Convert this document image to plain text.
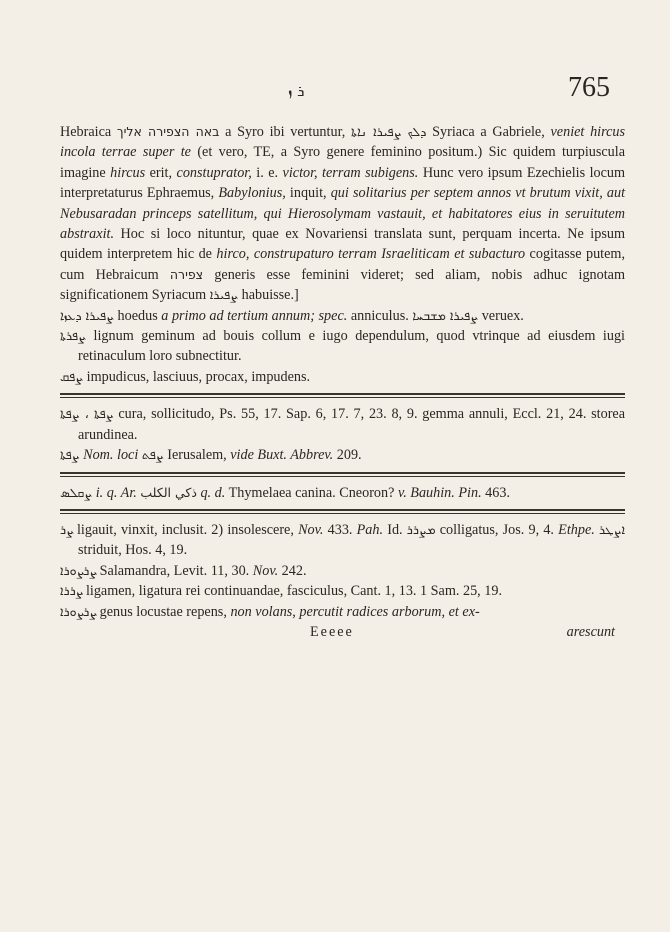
ܪ ܙ	765

Hebraica באה הצפירה אליך a Syro ibi vertuntur, ܕܠܟ ܨܦܝܪܐ ܢܐܬܐ Syriaca a Gabriele, veniet hircus incola terrae super te (et vero, TE, a Syro genere feminino positum.) Sic quidem turpiuscula imagine hircus erit, constuprator, i. e. victor, terram subigens. Hunc vero ipsum Ezechielis locum interpretaturus Ephraemus, Babylonius, inquit, qui solitarius per septem annos vt brutum vixit, aut Nebusaradan princeps satellitum, qui Hierosolymam vastauit, et habitatores eius in seruitutem abstraxit. Hoc si loco nituntur, quae ex Novariensi translata sunt, perquam incerta. Ne ipsum quidem interpretem hic de hirco, construpaturo terram Israeliticam et subacturo cogitasse putem, cum Hebraicum צפירה generis esse feminini videret; sed aliam, nobis adhuc ignotam significationem Syriacum ܨܦܝܪܐ habuisse.]

ܨܦܝܪܐ ܕܥܙܐ hoedus a primo ad tertium annum; spec. anniculus. ܨܦܝܪܐ ܡܫܒܚܐ veruex.

ܨܦܪܬܐ lignum geminum ad bouis collum e iugo dependulum, quod vtrinque ad eiusdem iugi retinaculum loro subnectitur.

ܨܦܩ impudicus, lasciuus, procax, impudens.

ܨܦܬܐ ، ܨܦܬܐ cura, sollicitudo, Ps. 55, 17. Sap. 6, 17. 7, 23. 8, 9. gemma annuli, Eccl. 21, 24. storea arundinea.

ܨܦܬܐ Nom. loci ܨܦܬ Ierusalem, vide Buxt. Abbrev. 209.

ܨܩܠܣ i. q. Ar. ذكي الكلب q. d. Thymelaea canina. Cneoron? v. Bauhin. Pin. 463.

ܨܪ ligauit, vinxit, inclusit. 2) insolescere, Nov. 433. Pah. Id. ܡܨܪܪ colligatus, Jos. 9, 4. Ethpe. ܐܨܛܪ striduit, Hos. 4, 19.

ܨܪܨܘܪܐ Salamandra, Levit. 11, 30. Nov. 242.

ܨܪܪܐ ligamen, ligatura rei continuandae, fasciculus, Cant. 1, 13. 1 Sam. 25, 19.

ܨܪܨܘܪܐ genus locustae repens, non volans, percutit radices arborum, et ex-

Eeeee	arescunt
